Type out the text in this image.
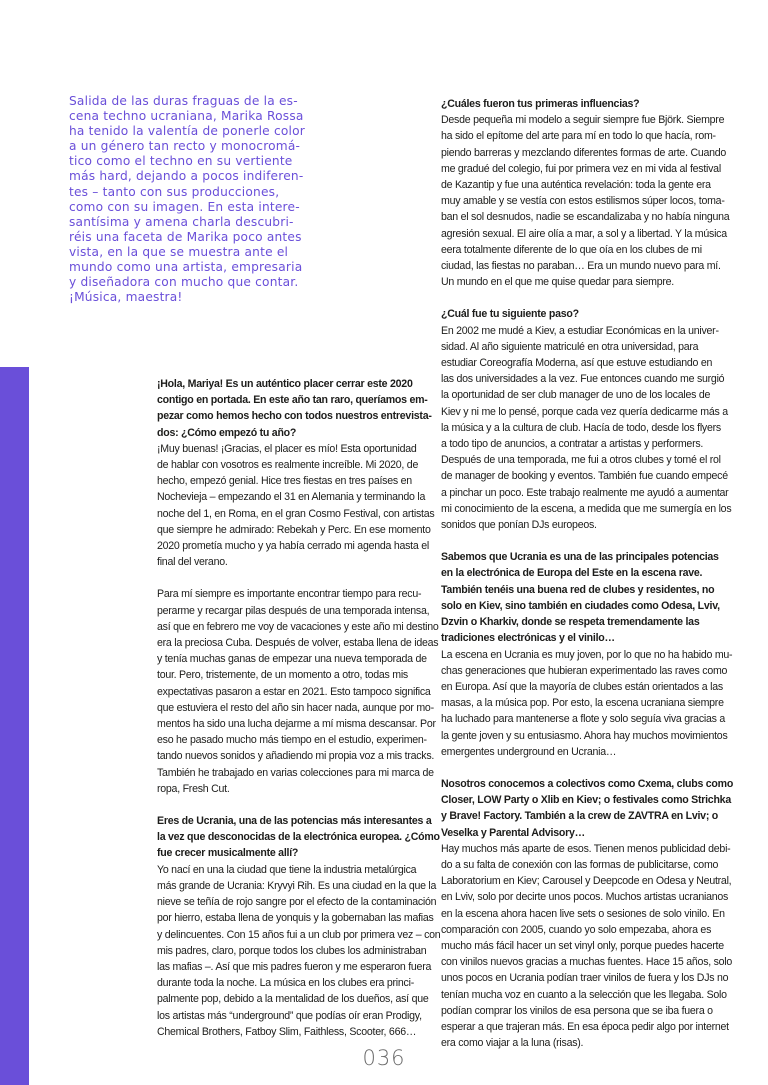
Salida de las duras fraguas de la es-

cena techno ucraniana, Marika Rossa

ha tenido la valentía de ponerle color

a un género tan recto y monocromá-

tico como el techno en su vertiente

más hard, dejando a pocos indiferen-

tes – tanto con sus producciones,

como con su imagen. En esta intere-

santísima y amena charla descubri-

réis una faceta de Marika poco antes

vista, en la que se muestra ante el

mundo como una artista, empresaria

y diseñadora con mucho que contar.

¡Música, maestra!

¡Hola, Mariya! Es un auténtico placer cerrar este 2020
contigo en portada. En este año tan raro, queríamos em-
pezar como hemos hecho con todos nuestros entrevista-
dos: ¿Cómo empezó tu año?

¡Muy buenas! ¡Gracias, el placer es mío! Esta oportunidad
de hablar con vosotros es realmente increíble. Mi 2020, de
hecho, empezó genial. Hice tres fiestas en tres países en
Nochevieja – empezando el 31 en Alemania y terminando la
noche del 1, en Roma, en el gran Cosmo Festival, con artistas
que siempre he admirado: Rebekah y Perc. En ese momento
2020 prometía mucho y ya había cerrado mi agenda hasta el
final del verano.

Para mí siempre es importante encontrar tiempo para recu-
perarme y recargar pilas después de una temporada intensa,
así que en febrero me voy de vacaciones y este año mi destino
era la preciosa Cuba. Después de volver, estaba llena de ideas
y tenía muchas ganas de empezar una nueva temporada de
tour. Pero, tristemente, de un momento a otro, todas mis
expectativas pasaron a estar en 2021. Esto tampoco significa
que estuviera el resto del año sin hacer nada, aunque por mo-
mentos ha sido una lucha dejarme a mí misma descansar. Por
eso he pasado mucho más tiempo en el estudio, experimen-
tando nuevos sonidos y añadiendo mi propia voz a mis tracks.
También he trabajado en varias colecciones para mi marca de
ropa, Fresh Cut.

Eres de Ucrania, una de las potencias más interesantes a
la vez que desconocidas de la electrónica europea. ¿Cómo
fue crecer musicalmente allí?

Yo nací en una la ciudad que tiene la industria metalúrgica
más grande de Ucrania: Kryvyi Rih. Es una ciudad en la que la
nieve se teñía de rojo sangre por el efecto de la contaminación
por hierro, estaba llena de yonquis y la gobernaban las mafias
y delincuentes. Con 15 años fui a un club por primera vez – con
mis padres, claro, porque todos los clubes los administraban
las mafias –. Así que mis padres fueron y me esperaron fuera
durante toda la noche. La música en los clubes era princi-
palmente pop, debido a la mentalidad de los dueños, así que
los artistas más “underground” que podías oír eran Prodigy,
Chemical Brothers, Fatboy Slim, Faithless, Scooter, 666…

¿Cuáles fueron tus primeras influencias?

Desde pequeña mi modelo a seguir siempre fue Björk. Siempre
ha sido el epítome del arte para mí en todo lo que hacía, rom-
piendo barreras y mezclando diferentes formas de arte. Cuando
me gradué del colegio, fui por primera vez en mi vida al festival
de Kazantip y fue una auténtica revelación: toda la gente era
muy amable y se vestía con estos estilismos súper locos, toma-
ban el sol desnudos, nadie se escandalizaba y no había ninguna
agresión sexual. El aire olía a mar, a sol y a libertad. Y la música
eera totalmente diferente de lo que oía en los clubes de mi
ciudad, las fiestas no paraban… Era un mundo nuevo para mí.
Un mundo en el que me quise quedar para siempre.

¿Cuál fue tu siguiente paso?

En 2002 me mudé a Kiev, a estudiar Económicas en la univer-
sidad. Al año siguiente matriculé en otra universidad, para
estudiar Coreografía Moderna, así que estuve estudiando en
las dos universidades a la vez. Fue entonces cuando me surgió
la oportunidad de ser club manager de uno de los locales de
Kiev y ni me lo pensé, porque cada vez quería dedicarme más a
la música y a la cultura de club. Hacía de todo, desde los flyers
a todo tipo de anuncios, a contratar a artistas y performers.
Después de una temporada, me fui a otros clubes y tomé el rol
de manager de booking y eventos. También fue cuando empecé
a pinchar un poco. Este trabajo realmente me ayudó a aumentar
mi conocimiento de la escena, a medida que me sumergía en los
sonidos que ponían DJs europeos.

Sabemos que Ucrania es una de las principales potencias
en la electrónica de Europa del Este en la escena rave.
También tenéis una buena red de clubes y residentes, no
solo en Kiev, sino también en ciudades como Odesa, Lviv,
Dzvin o Kharkiv, donde se respeta tremendamente las
tradiciones electrónicas y el vinilo…

La escena en Ucrania es muy joven, por lo que no ha habido mu-
chas generaciones que hubieran experimentado las raves como
en Europa. Así que la mayoría de clubes están orientados a las
masas, a la música pop. Por esto, la escena ucraniana siempre
ha luchado para mantenerse a flote y solo seguía viva gracias a
la gente joven y su entusiasmo. Ahora hay muchos movimientos
emergentes underground en Ucrania…

Nosotros conocemos a colectivos como Cxema, clubs como
Closer, LOW Party o Xlib en Kiev; o festivales como Strichka
y Brave! Factory. También a la crew de ZAVTRA en Lviv; o
Veselka y Parental Advisory…

Hay muchos más aparte de esos. Tienen menos publicidad debi-
do a su falta de conexión con las formas de publicitarse, como
Laboratorium en Kiev; Carousel y Deepcode en Odesa y Neutral,
en Lviv, solo por decirte unos pocos. Muchos artistas ucranianos
en la escena ahora hacen live sets o sesiones de solo vinilo. En
comparación con 2005, cuando yo solo empezaba, ahora es
mucho más fácil hacer un set vinyl only, porque puedes hacerte
con vinilos nuevos gracias a muchas fuentes. Hace 15 años, solo
unos pocos en Ucrania podían traer vinilos de fuera y los DJs no
tenían mucha voz en cuanto a la selección que les llegaba. Solo
podían comprar los vinilos de esa persona que se iba fuera o
esperar a que trajeran más. En esa época pedir algo por internet
era como viajar a la luna (risas).

036
